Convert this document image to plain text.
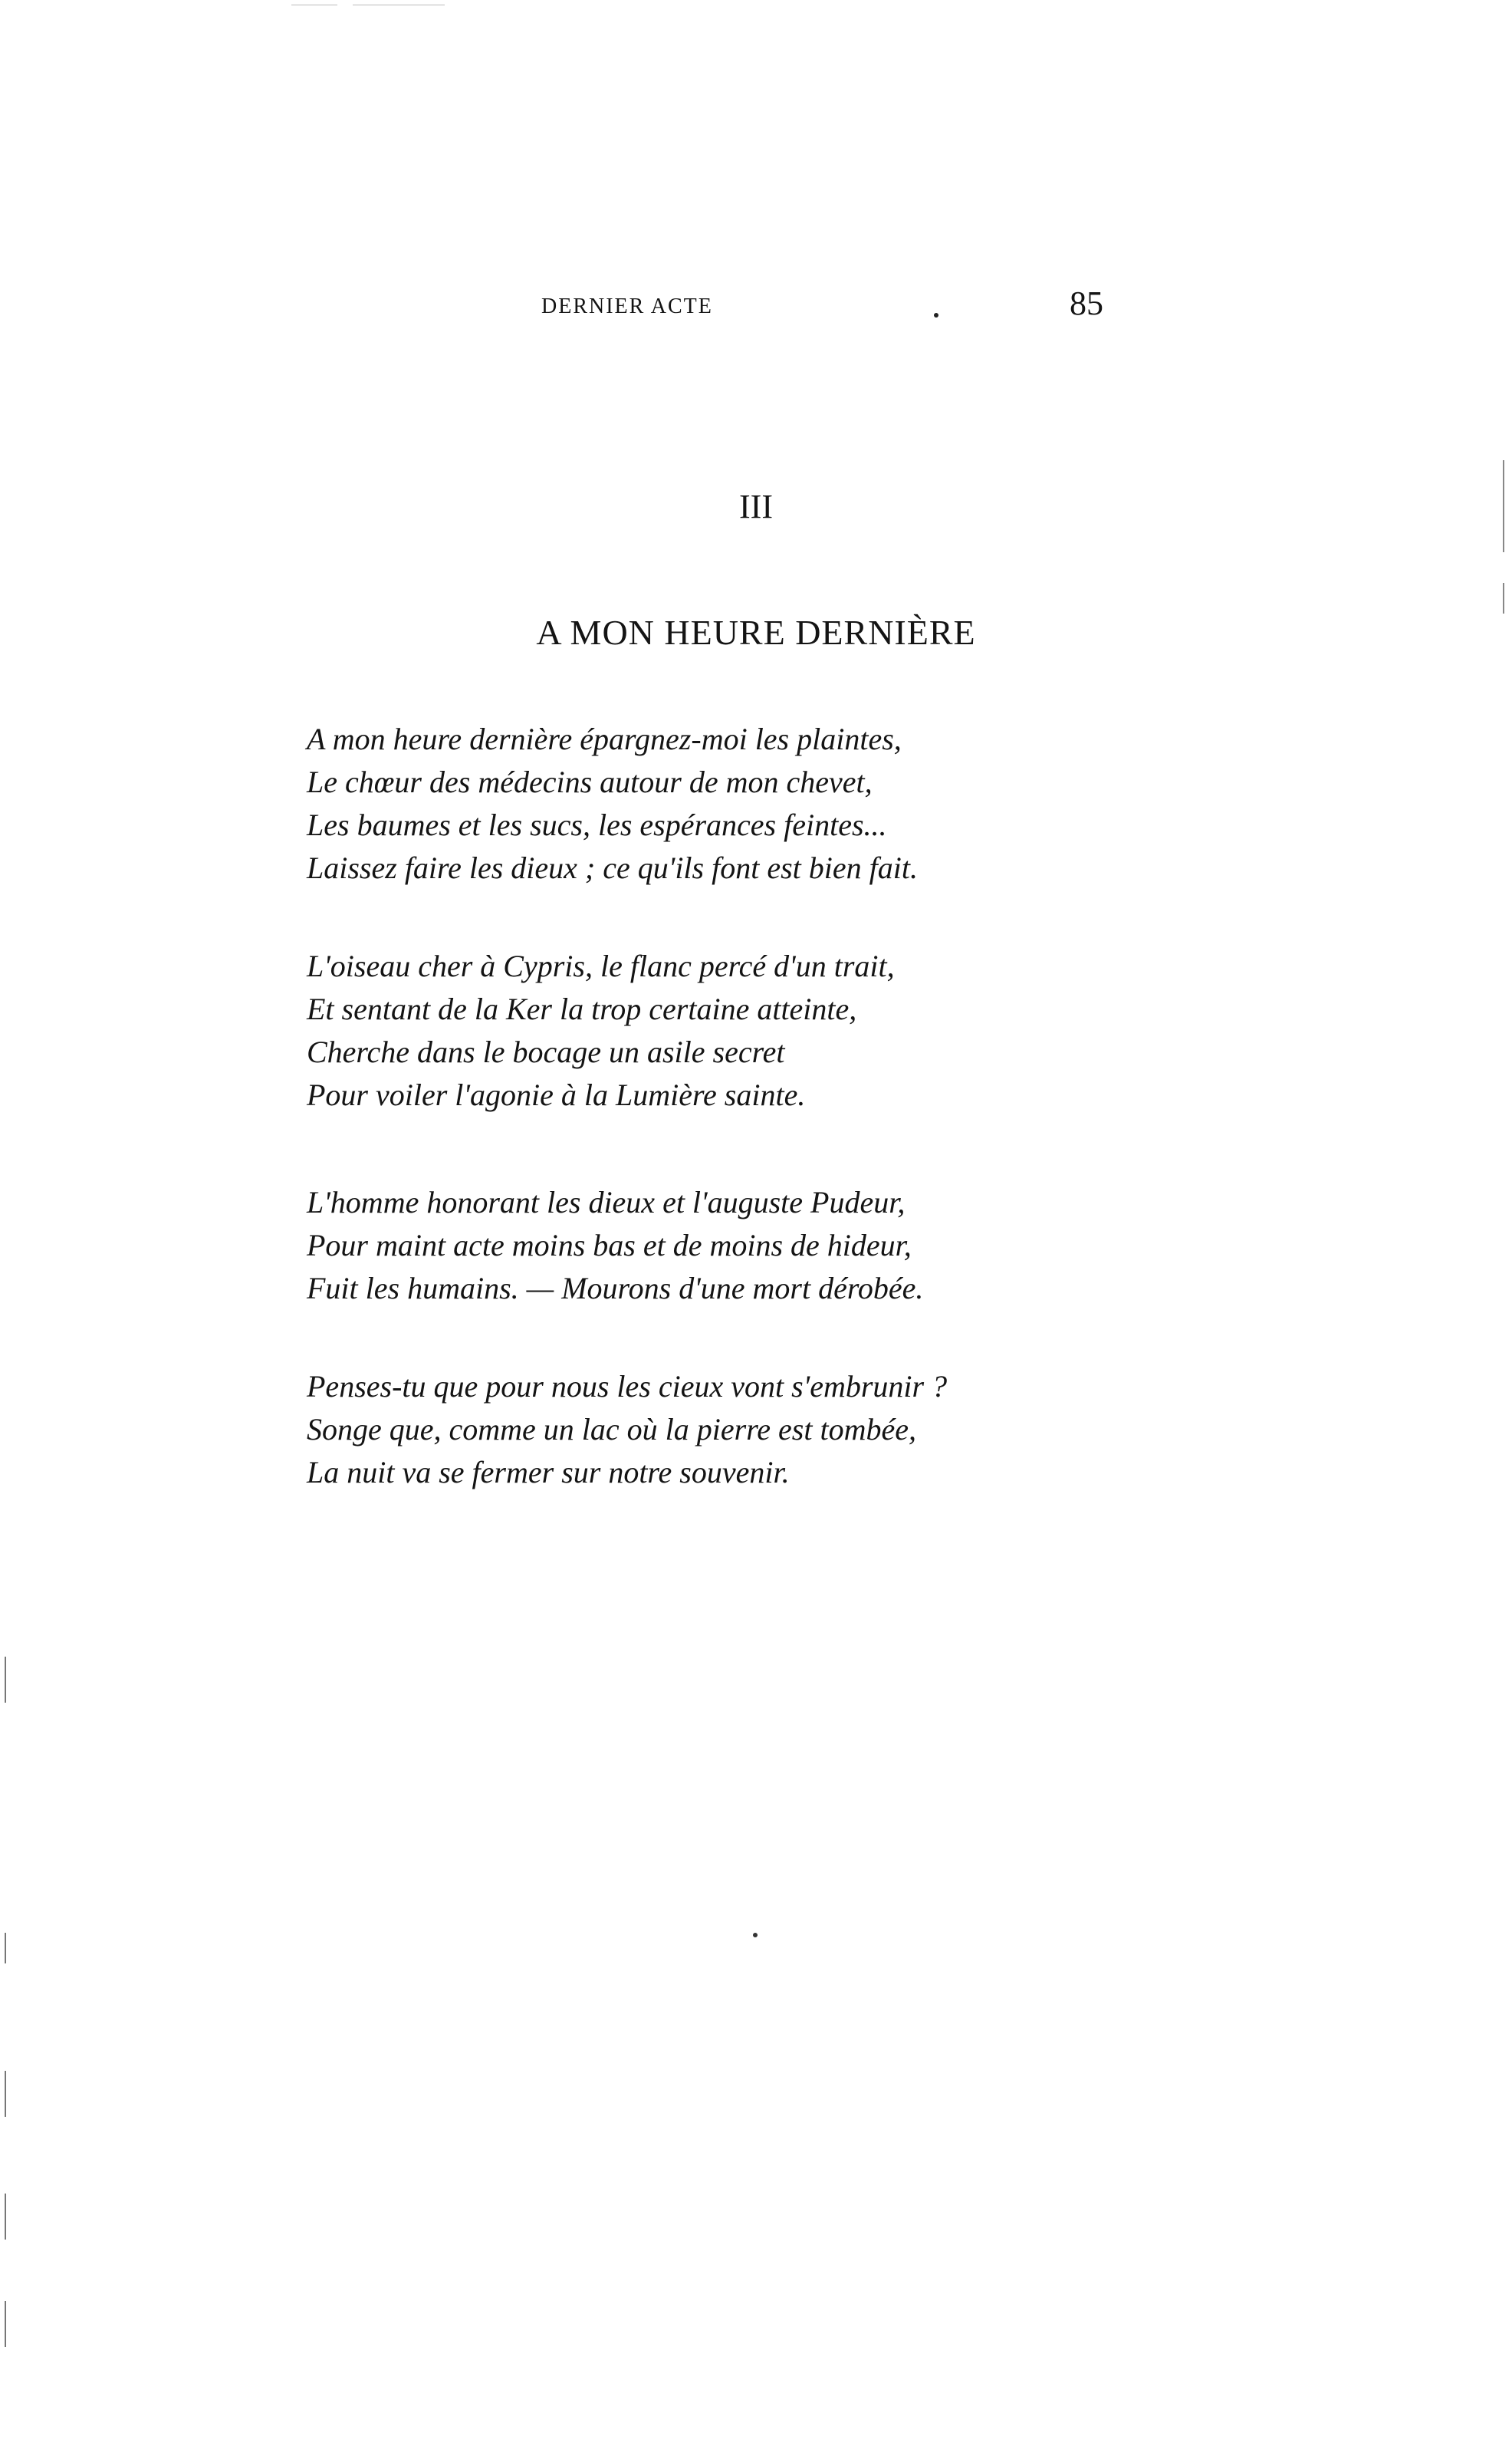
DERNIER ACTE	85
III
A MON HEURE DERNIÈRE
A mon heure dernière épargnez-moi les plaintes,
Le chœur des médecins autour de mon chevet,
Les baumes et les sucs, les espérances feintes...
Laissez faire les dieux ; ce qu'ils font est bien fait.
L'oiseau cher à Cypris, le flanc percé d'un trait,
Et sentant de la Ker la trop certaine atteinte,
Cherche dans le bocage un asile secret
Pour voiler l'agonie à la Lumière sainte.
L'homme honorant les dieux et l'auguste Pudeur,
Pour maint acte moins bas et de moins de hideur,
Fuit les humains. — Mourons d'une mort dérobée.
Penses-tu que pour nous les cieux vont s'embrunir ?
Songe que, comme un lac où la pierre est tombée,
La nuit va se fermer sur notre souvenir.
